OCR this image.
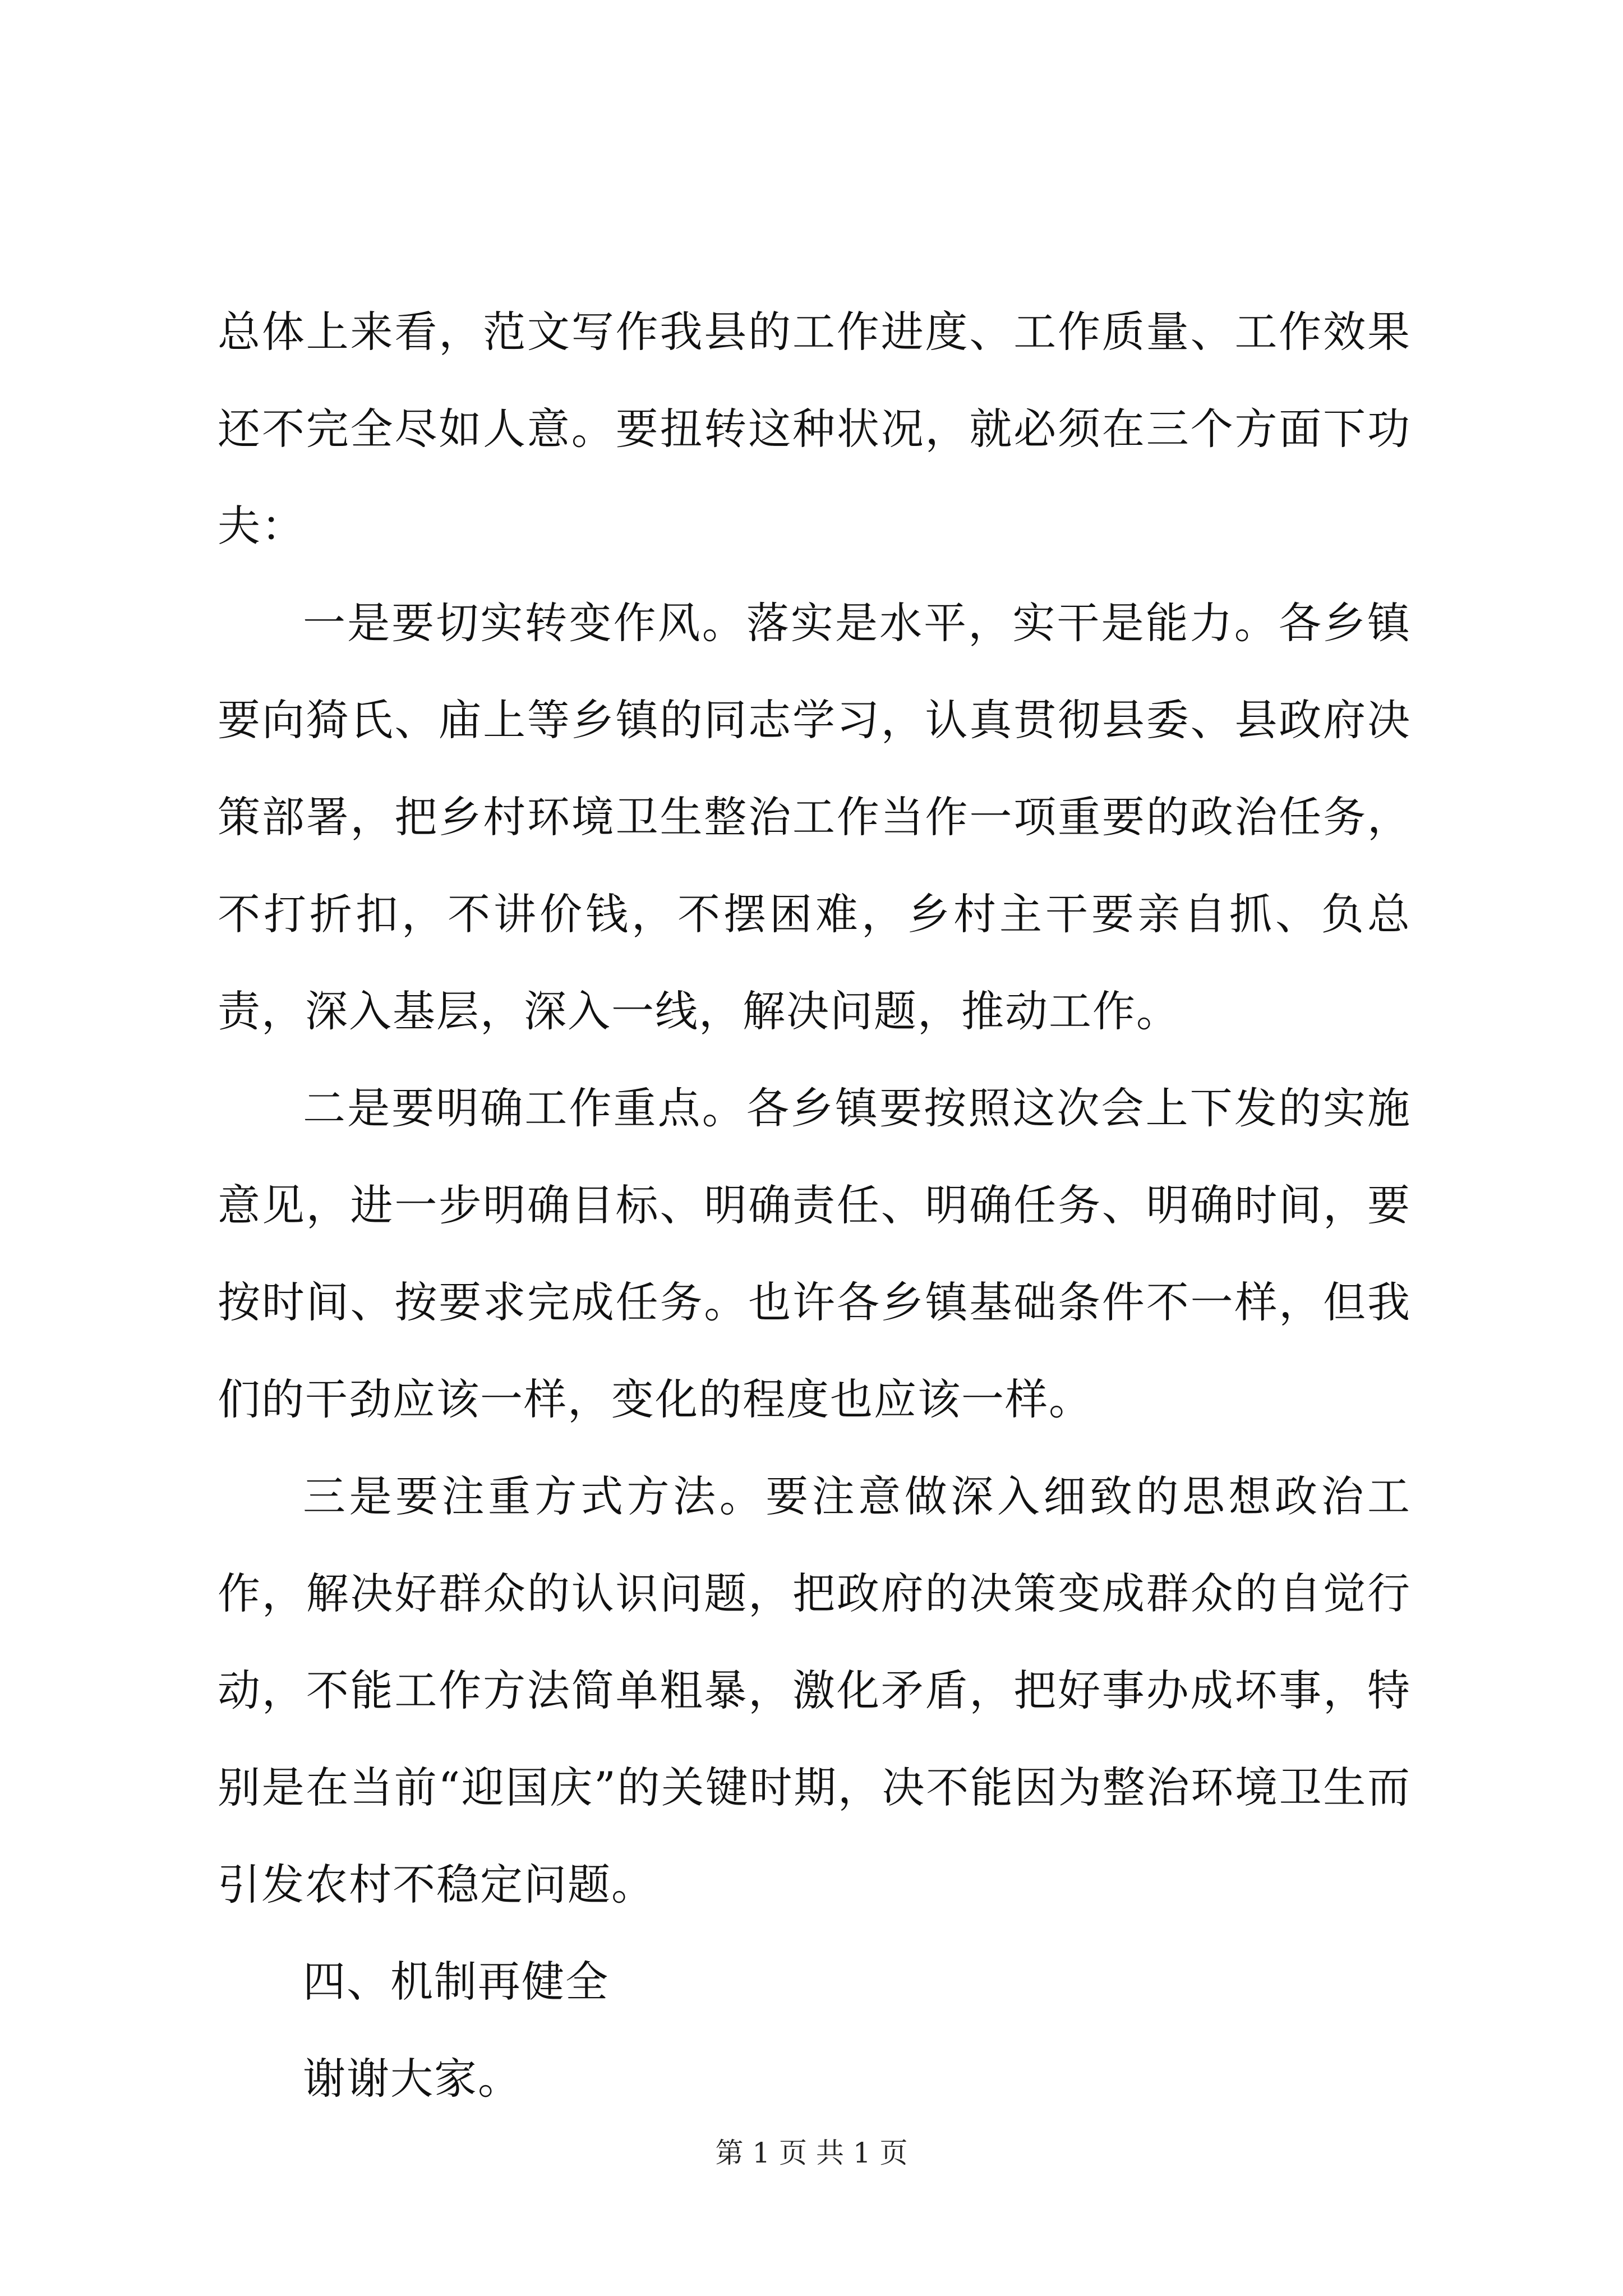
总体上来看，范文写作我县的工作进度、工作质量、工作效果还不完全尽如人意。要扭转这种状况，就必须在三个方面下功夫：

一是要切实转变作风。落实是水平，实干是能力。各乡镇要向猗氏、庙上等乡镇的同志学习，认真贯彻县委、县政府决策部署，把乡村环境卫生整治工作当作一项重要的政治任务，不打折扣，不讲价钱，不摆困难，乡村主干要亲自抓、负总责，深入基层，深入一线，解决问题，推动工作。

二是要明确工作重点。各乡镇要按照这次会上下发的实施意见，进一步明确目标、明确责任、明确任务、明确时间，要按时间、按要求完成任务。也许各乡镇基础条件不一样，但我们的干劲应该一样，变化的程度也应该一样。

三是要注重方式方法。要注意做深入细致的思想政治工作，解决好群众的认识问题，把政府的决策变成群众的自觉行动，不能工作方法简单粗暴，激化矛盾，把好事办成坏事，特别是在当前“迎国庆”的关键时期，决不能因为整治环境卫生而引发农村不稳定问题。

四、机制再健全

谢谢大家。

第 1 页 共 1 页
